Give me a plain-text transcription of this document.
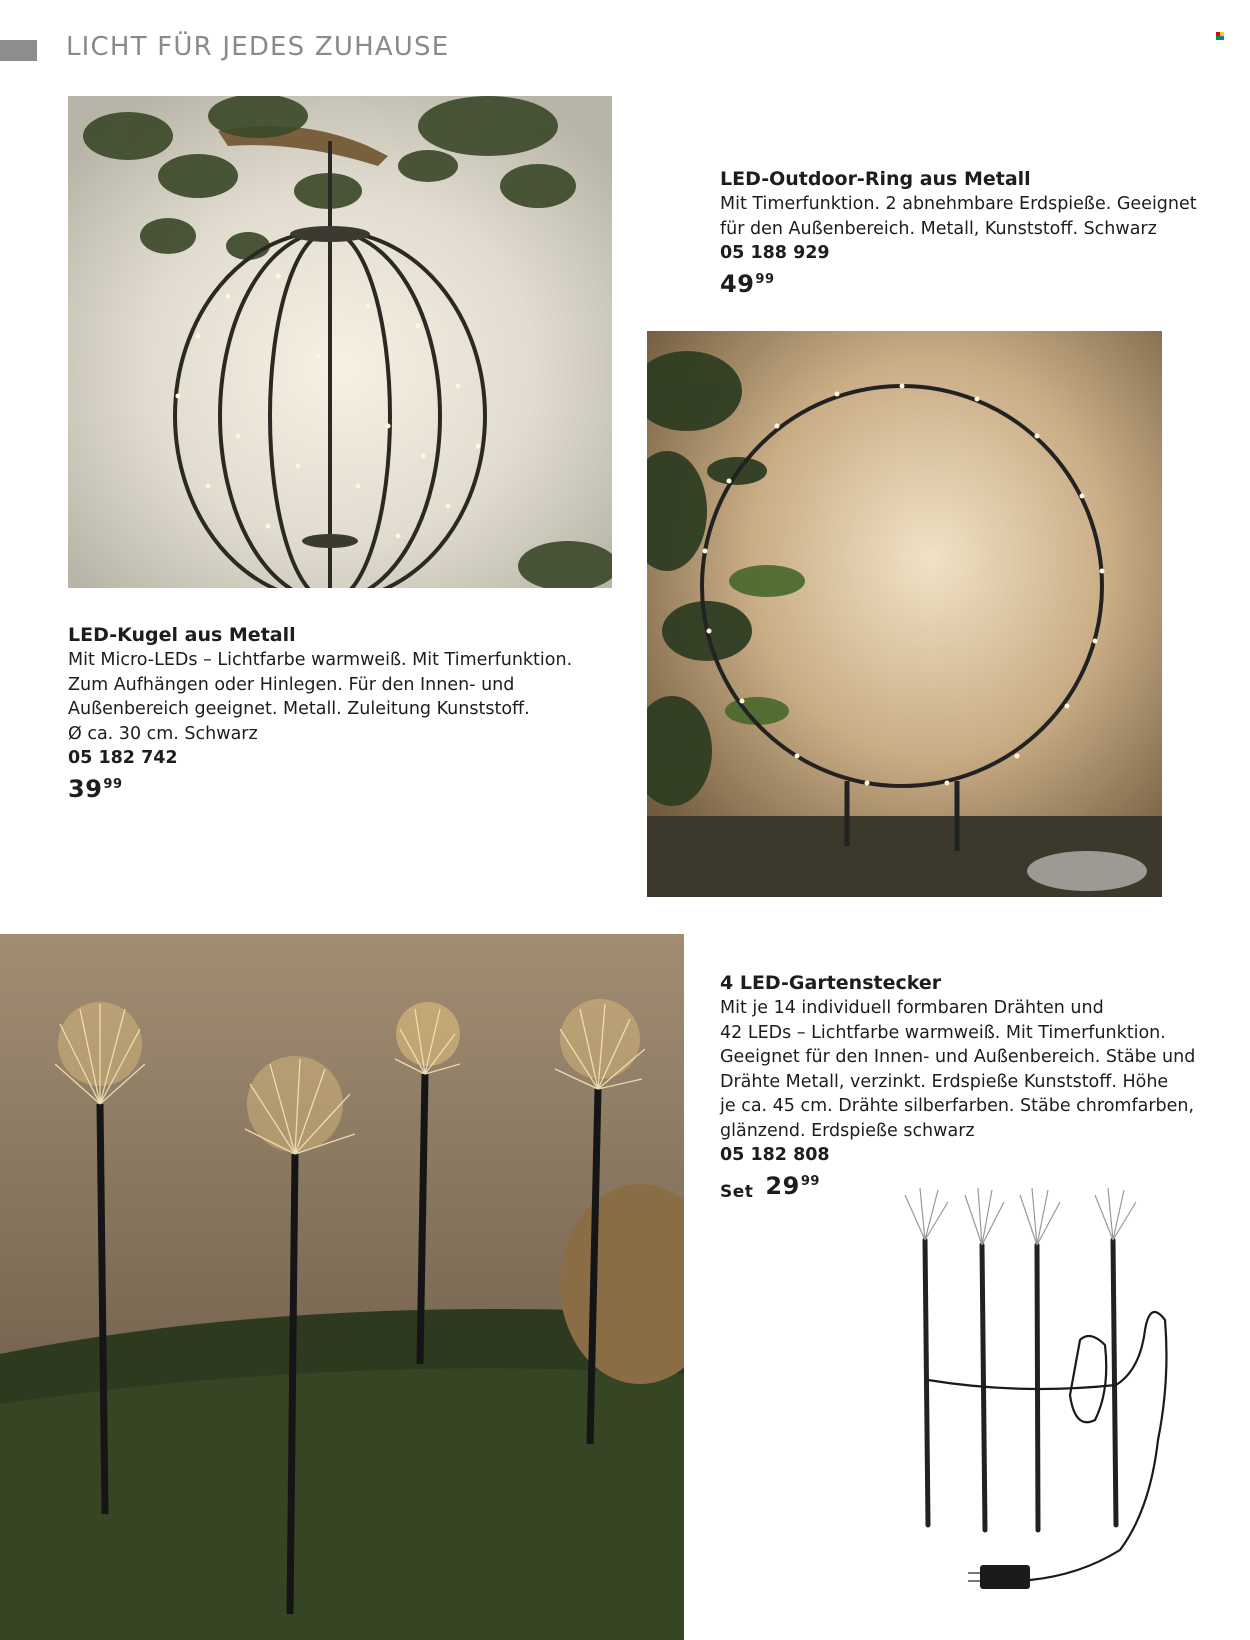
LICHT FÜR JEDES ZUHAUSE
LED-Outdoor-Ring aus Metall
Mit Timerfunktion. 2 abnehmbare Erdspieße. Geeignet
für den Außenbereich. Metall, Kunststoff. Schwarz
05 188 929
49 99
LED-Kugel aus Metall
Mit Micro-LEDs – Lichtfarbe warmweiß. Mit Timerfunktion.
Zum Aufhängen oder Hinlegen. Für den Innen- und
Außenbereich geeignet. Metall. Zuleitung Kunststoff.
Ø ca. 30 cm. Schwarz
05 182 742
39 99
4 LED-Gartenstecker
Mit je 14 individuell formbaren Drähten und
42 LEDs – Lichtfarbe warmweiß. Mit Timerfunktion.
Geeignet für den Innen- und Außenbereich. Stäbe und
Drähte Metall, verzinkt. Erdspieße Kunststoff. Höhe
je ca. 45 cm. Drähte silberfarben. Stäbe chromfarben,
glänzend. Erdspieße schwarz
05 182 808
Set 29 99
